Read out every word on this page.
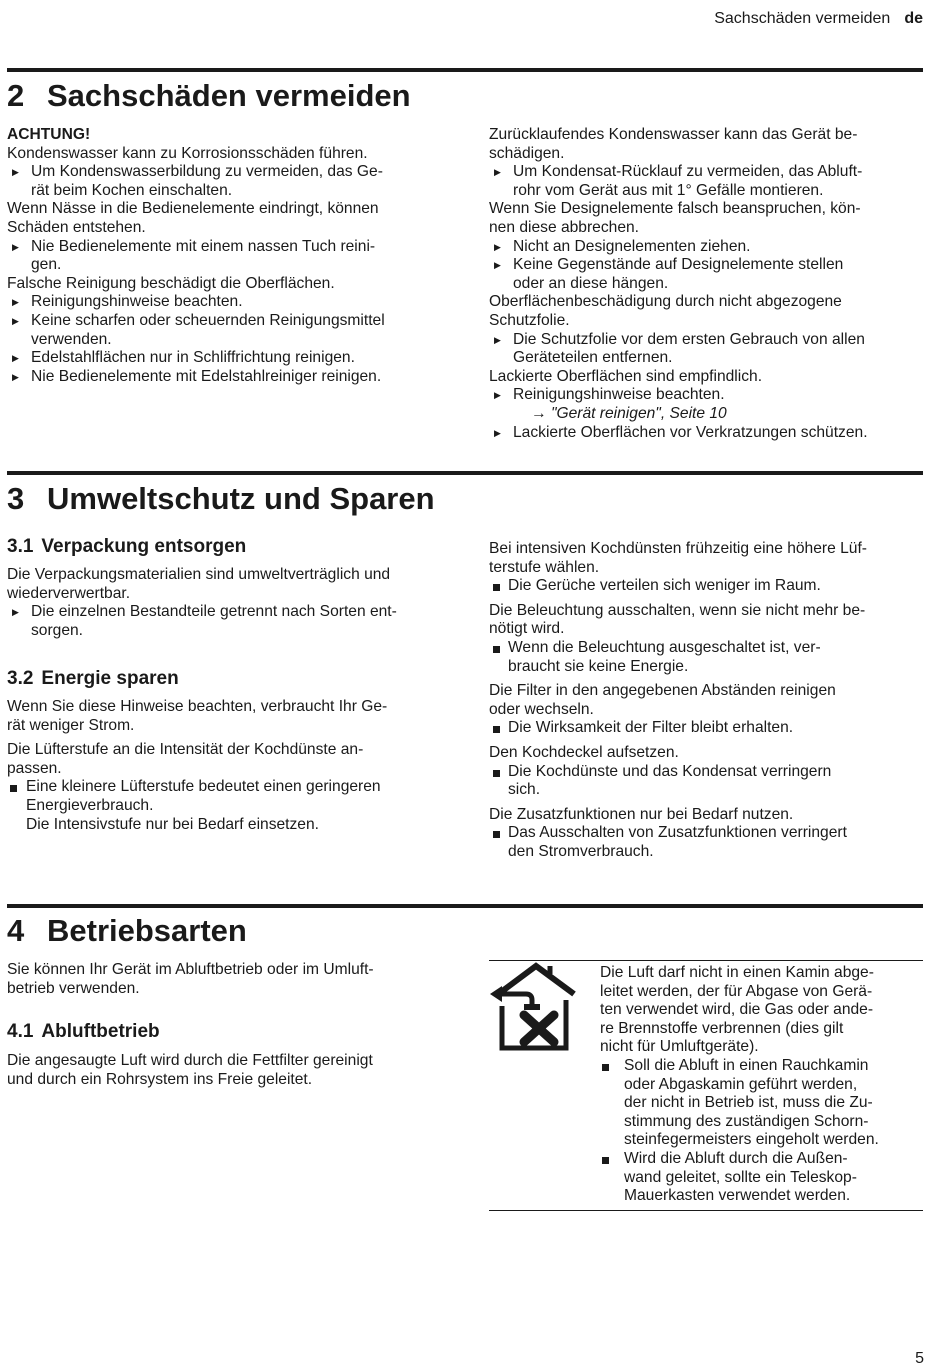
Sachschäden vermeiden de
2 Sachschäden vermeiden
ACHTUNG!
Kondenswasser kann zu Korrosionsschäden führen.
▶ Um Kondenswasserbildung zu vermeiden, das Ge-
rät beim Kochen einschalten.
Wenn Nässe in die Bedienelemente eindringt, können
Schäden entstehen.
▶ Nie Bedienelemente mit einem nassen Tuch reini-
gen.
Falsche Reinigung beschädigt die Oberflächen.
▶ Reinigungshinweise beachten.
▶ Keine scharfen oder scheuernden Reinigungsmittel
verwenden.
▶ Edelstahlflächen nur in Schliffrichtung reinigen.
▶ Nie Bedienelemente mit Edelstahlreiniger reinigen.
Zurücklaufendes Kondenswasser kann das Gerät be-
schädigen.
▶ Um Kondensat-Rücklauf zu vermeiden, das Abluft-
rohr vom Gerät aus mit 1° Gefälle montieren.
Wenn Sie Designelemente falsch beanspruchen, kön-
nen diese abbrechen.
▶ Nicht an Designelementen ziehen.
▶ Keine Gegenstände auf Designelemente stellen
oder an diese hängen.
Oberflächenbeschädigung durch nicht abgezogene
Schutzfolie.
▶ Die Schutzfolie vor dem ersten Gebrauch von allen
Geräteteilen entfernen.
Lackierte Oberflächen sind empfindlich.
▶ Reinigungshinweise beachten.
→ "Gerät reinigen", Seite 10
▶ Lackierte Oberflächen vor Verkratzungen schützen.
3 Umweltschutz und Sparen
3.1 Verpackung entsorgen
Die Verpackungsmaterialien sind umweltverträglich und
wiederverwertbar.
▶ Die einzelnen Bestandteile getrennt nach Sorten ent-
sorgen.
3.2 Energie sparen
Wenn Sie diese Hinweise beachten, verbraucht Ihr Ge-
rät weniger Strom.
Die Lüfterstufe an die Intensität der Kochdünste an-
passen.
Eine kleinere Lüfterstufe bedeutet einen geringeren
Energieverbrauch.
Die Intensivstufe nur bei Bedarf einsetzen.
Bei intensiven Kochdünsten frühzeitig eine höhere Lüf-
terstufe wählen.
Die Gerüche verteilen sich weniger im Raum.
Die Beleuchtung ausschalten, wenn sie nicht mehr be-
nötigt wird.
Wenn die Beleuchtung ausgeschaltet ist, ver-
braucht sie keine Energie.
Die Filter in den angegebenen Abständen reinigen
oder wechseln.
Die Wirksamkeit der Filter bleibt erhalten.
Den Kochdeckel aufsetzen.
Die Kochdünste und das Kondensat verringern
sich.
Die Zusatzfunktionen nur bei Bedarf nutzen.
Das Ausschalten von Zusatzfunktionen verringert
den Stromverbrauch.
4 Betriebsarten
Sie können Ihr Gerät im Abluftbetrieb oder im Umluft-
betrieb verwenden.
4.1 Abluftbetrieb
Die angesaugte Luft wird durch die Fettfilter gereinigt
und durch ein Rohrsystem ins Freie geleitet.
Die Luft darf nicht in einen Kamin abge-
leitet werden, der für Abgase von Gerä-
ten verwendet wird, die Gas oder ande-
re Brennstoffe verbrennen (dies gilt
nicht für Umluftgeräte).
Soll die Abluft in einen Rauchkamin
oder Abgaskamin geführt werden,
der nicht in Betrieb ist, muss die Zu-
stimmung des zuständigen Schorn-
steinfegermeisters eingeholt werden.
Wird die Abluft durch die Außen-
wand geleitet, sollte ein Teleskop-
Mauerkasten verwendet werden.
5
